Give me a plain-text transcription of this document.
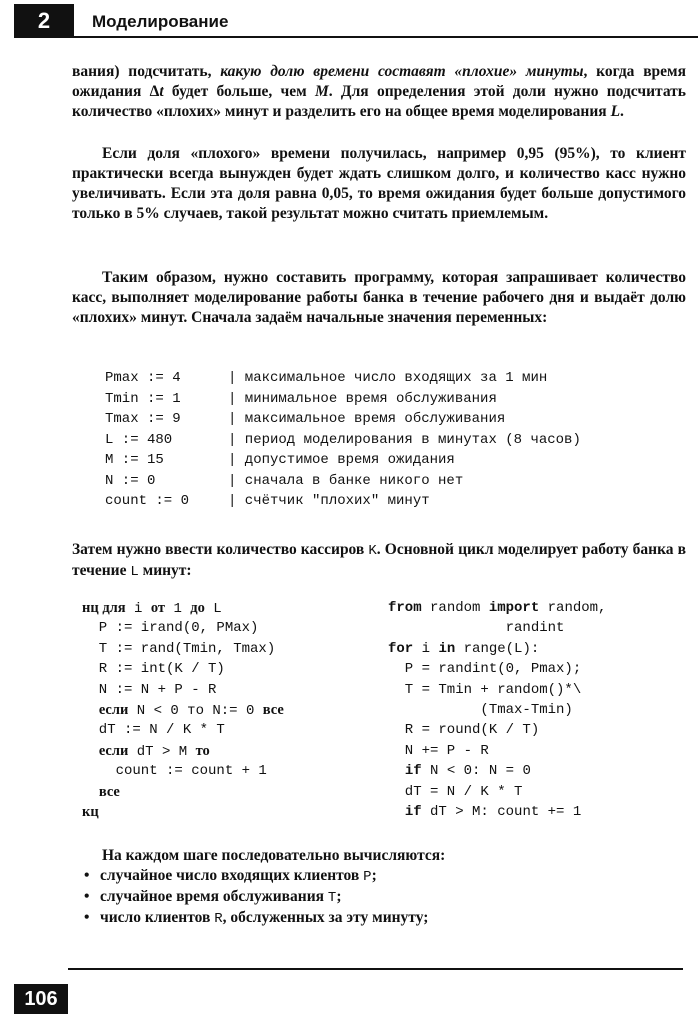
2	Моделирование

вания) подсчитать, какую долю времени составят «плохие» минуты, когда время ожидания Δt будет больше, чем M. Для определения этой доли нужно подсчитать количество «плохих» минут и разделить его на общее время моделирования L.

Если доля «плохого» времени получилась, например 0,95 (95%), то клиент практически всегда вынужден будет ждать слишком долго, и количество касс нужно увеличивать. Если эта доля равна 0,05, то время ожидания будет больше допустимого только в 5% случаев, такой результат можно считать приемлемым.

Таким образом, нужно составить программу, которая запрашивает количество касс, выполняет моделирование работы банка в течение рабочего дня и выдаёт долю «плохих» минут. Сначала задаём начальные значения переменных:

Pmax := 4	| максимальное число входящих за 1 мин
Tmin := 1	| минимальное время обслуживания
Tmax := 9	| максимальное время обслуживания
L := 480	| период моделирования в минутах (8 часов)
M := 15	| допустимое время ожидания
N := 0	| сначала в банке никого нет
count := 0	| счётчик "плохих" минут

Затем нужно ввести количество кассиров K. Основной цикл моделирует работу банка в течение L минут:

нц для i от 1 до L
P := irand(0, PMax)
T := rand(Tmin, Tmax)
R := int(K / T)
N := N + P - R
если N < 0 то N:= 0 все
dT := N / K * T
если dT > M то
count := count + 1
все
кц
from random import random,
randint
for i in range(L):
P = randint(0, Pmax);
T = Tmin + random()*\
(Tmax-Tmin)
R = round(K / T)
N += P - R
if N < 0: N = 0
dT = N / K * T
if dT > M: count += 1

На каждом шаге последовательно вычисляются:

• случайное число входящих клиентов P;
• случайное время обслуживания T;
• число клиентов R, обслуженных за эту минуту;
106
